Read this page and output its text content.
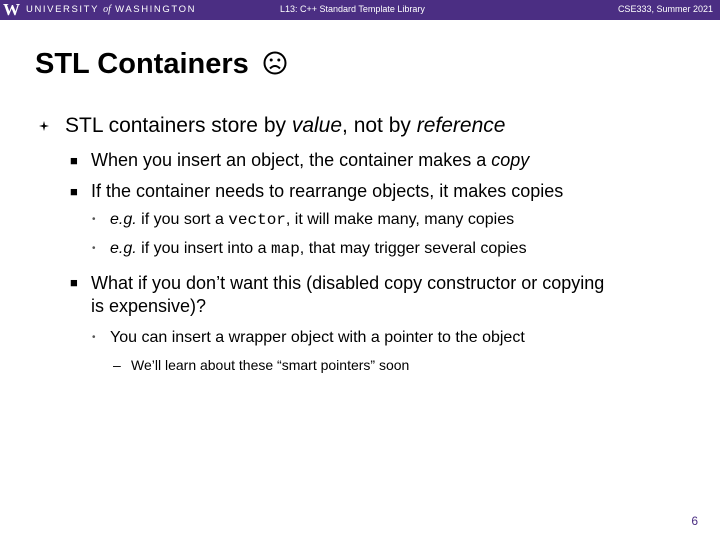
W UNIVERSITY of WASHINGTON	L13: C++ Standard Template Library	CSE333, Summer 2021
STL Containers
STL containers store by value, not by reference
■ When you insert an object, the container makes a copy
■ If the container needs to rearrange objects, it makes copies
• e.g. if you sort a vector, it will make many, many copies
• e.g. if you insert into a map, that may trigger several copies
■ What if you don’t want this (disabled copy constructor or copying
is expensive)?
• You can insert a wrapper object with a pointer to the object
– We’ll learn about these “smart pointers” soon
6
